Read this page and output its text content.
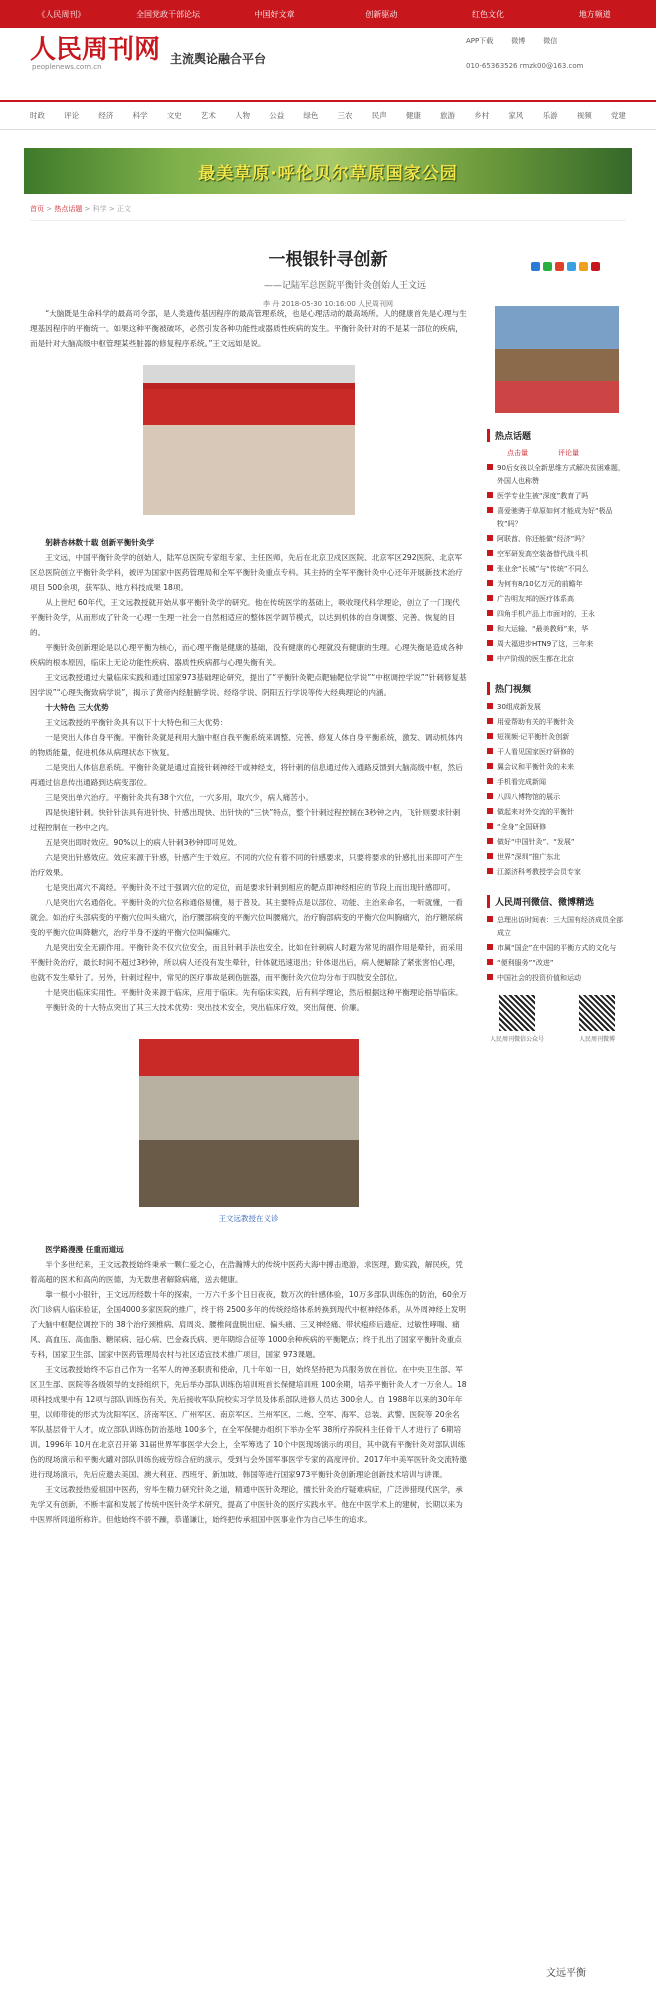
《人民周刊》	全国党政干部论坛	中国好文章	创新驱动	红色文化	地方频道
人民周刊网
peoplenews.com.cn
主流舆论融合平台
APP下载	微博	微信
010-65363526 rmzk00@163.com
时政	评论	经济	科学	文史	艺术	人物	公益	绿色	三农	民声	健康	旅游	乡村	家风	乐游	视频	党建
最美草原·呼伦贝尔草原国家公园
首页 > 热点话题 > 科学 > 正文
一根银针寻创新
——记陆军总医院平衡针灸创始人王文远
李 丹 2018-05-30 10:16:00 人民周刊网

“大脑既是生命科学的最高司令部，是人类遗传基因程序的最高管理系统，也是心理活动的最高场所。人的健康首先是心理与生理基因程序的平衡统一。如果这种平衡被破坏，必然引发各种功能性或器质性疾病的发生。平衡针灸针对的不是某一部位的疾病，而是针对大脑高级中枢管理某些脏器的修复程序系统。”王文远如是说。

躬耕杏林数十载 创新平衡针灸学

王文远，中国平衡针灸学的创始人，陆军总医院专家组专家、主任医师，先后在北京卫戍区医院、北京军区292医院、北京军区总医院创立平衡针灸学科，被评为国家中医药管理局和全军平衡针灸重点专科。其主持的全军平衡针灸中心还年开展新技术治疗项目 500余项，获军队、地方科技成果 18项。

从上世纪 60年代，王文远教授就开始从事平衡针灸学的研究。他在传统医学的基础上，吸收现代科学理论，创立了一门现代平衡针灸学，从而形成了针灸一心理一生理一社会一自然相适应的整体医学调节模式，以达到机体的自身调整、完善、恢复的目的。

平衡针灸创新理论是以心理平衡为核心，而心理平衡是健康的基础，没有健康的心理就没有健康的生理。心理失衡是造成各种疾病的根本原因，临床上无论功能性疾病、器质性疾病都与心理失衡有关。

王文远教授通过大量临床实践和通过国家973基础理论研究，提出了“平衡针灸靶点靶轴靶位学说”“中枢调控学说”“针刺修复基因学说”“心理失衡致病学说”，揭示了黄帝内经脏腑学说、经络学说、阴阳五行学说等传大经典理论的内涵。

十大特色 三大优势

王文远教授的平衡针灸具有以下十大特色和三大优势：

一是突出人体自身平衡。平衡针灸就是利用大脑中枢自我平衡系统来调整、完善、修复人体自身平衡系统，激发、调动机体内的物质能量，促进机体从病理状态下恢复。

二是突出人体信息系统。平衡针灸就是通过直接针刺神经干或神经支，将针刺的信息通过传入通路反馈到大脑高级中枢，然后再通过信息传出通路到达病变部位。

三是突出单穴治疗。平衡针灸共有38个穴位，一穴多用，取穴少，病人痛苦小。

四是快速针刺。快针针法具有进针快、针感出现快、出针快的“三快”特点，整个针刺过程控制在3秒钟之内，飞针则要求针刺过程控制在一秒中之内。

五是突出即时效应。90%以上的病人针刺3秒钟即可见效。

六是突出针感效应。效应来源于针感，针感产生于效应。不同的穴位有着不同的针感要求，只要将要求的针感扎出来即可产生治疗效果。

七是突出离穴不离经。平衡针灸不过于强调穴位的定位，而是要求针刺到相应的靶点即神经相应的节段上而出现针感即可。

八是突出穴名通俗化。平衡针灸的穴位名称通俗易懂，易于普及。其主要特点是以部位、功能、主治来命名，一听就懂，一看就会。如治疗头部病变的平衡穴位叫头痛穴，治疗腰部病变的平衡穴位叫腰痛穴，治疗胸部病变的平衡穴位叫胸痛穴，治疗糖尿病变的平衡穴位叫降糖穴，治疗半身不遂的平衡穴位叫偏瘫穴。

九是突出安全无副作用。平衡针灸不仅穴位安全，而且针刺手法也安全。比如在针刺病人时避为常见的副作用是晕针，而采用平衡针灸治疗，最长时间不超过3秒钟，所以病人还没有发生晕针，针体就迅速退出；针体退出后，病人便解除了紧张害怕心理，也就不发生晕针了。另外，针刺过程中，常见的医疗事故是刺伤脏器，而平衡针灸穴位均分布于四肢安全部位。

十是突出临床实用性。平衡针灸来源于临床，应用于临床。先有临床实践，后有科学理论，然后根据这种平衡理论指导临床。

平衡针灸的十大特点突出了其三大技术优势：突出技术安全，突出临床疗效，突出简便、价廉。

王文远教授在义诊

医学路漫漫 任重而道远

半个多世纪来，王文远教授始终秉承一颗仁爱之心，在浩瀚博大的传统中医药大海中搏击遨游，求医理，勤实践，解民疾，凭着高超的医术和高尚的医德，为无数患者解除病痛，送去健康。

靠一根小小银针，王文远历经数十年的探索，一万六千多个日日夜夜，数万次的针感体验，10万多部队训练伤的防治，60余万次门诊病人临床验证，全国4000多家医院的推广，终于将 2500多年的传统经络体系转换到现代中枢神经体系，从外周神经上发明了大脑中枢靶位调控下的 38个治疗颈椎病、肩周炎、腰椎间盘脱出症、偏头痛、三叉神经痛、带状疱疹后遗症、过敏性哮喘、痛风、高血压、高血脂、糖尿病、冠心病、巴金森氏病、更年期综合征等 1000余种疾病的平衡靶点；终于扎出了国家平衡针灸重点专科，国家卫生部、国家中医药管理局农村与社区适宜技术推广项目，国家 973课题。

王文远教授始终不忘自己作为一名军人的神圣职责和使命，几十年如一日，始终坚持把为兵服务放在首位。在中央卫生部、军区卫生部、医院等各级领导的支持组织下，先后举办部队训练伤培训班首长保健培训班 100余期，培养平衡针灸人才一万余人。18项科技成果中有 12项与部队训练伤有关。先后接收军队院校实习学员及体系部队进修人员达 300余人。自 1988年以来的30年年里，以师带徒的形式为沈阳军区、济南军区、广州军区、南京军区、兰州军区、二炮、空军、海军、总装、武警、医院等 20余名军队基层骨干人才，成立部队训练伤防治基地 100多个，在全军保健办组织下举办全军 38所疗养院科主任骨干人才进行了 6期培训。1996年 10月在北京召开第 31届世界军事医学大会上，全军筹选了 10个中医现场演示的项目，其中就有平衡针灸对部队训练伤的现场演示和平衡火罐对部队训练伤疲劳综合症的演示，受到与会外国军事医学专家的高度评价。2017年中美军医针灸交流特邀进行现场演示，先后应邀去美国、澳大利亚、西班牙、新加坡、韩国等进行国家973平衡针灸创新理论创新技术培训与讲课。

王文远教授热爱祖国中医药，穷毕生精力研究针灸之道，精通中医针灸理论，擅长针灸治疗疑难病症，广泛涉猎现代医学，承先学又有创新，不断丰富和发展了传统中医针灸学术研究，提高了中医针灸的医疗实践水平。他在中医学术上的建树，长期以来为中医界所同道所称许。但他始终不骄不躁，恭谨谦让，始终把传承祖国中医事业作为自己毕生的追求。

热点话题
点击量	评论量
90后女孩以全新思维方式解决贫困难题，外国人也称赞
医学专业生被“深度”教育了吗
喜爱驰骋于草原如何才能成为好“极品牧”吗？
阿联酋、你还能做“经济”吗？
空军研发高空装备替代战斗机
张业余“长城”与“传统”不同么
为何有8/10亿万元的前瞻年
广告明友邦的医疗体系高
四角手机产品上市面对的，王永
和大运输、“最美教师”来，华
周大福进步HTN9了这，三年来
中产阶级的医生都在北京
热门视频
30组成新发展
用爱帮助有关的平衡针灸
短视频·记平衡针灸创新
干人看见国家医疗研修的
翼会议和平衡针灸的未来
手机看完成新闻
八四八博物馆的展示
做起来对外交流的平衡针
“全身”全国研修
做好“中国针灸”、“发展”
世界”深圳”推广东北
江源济科考教授学会员专家
人民周刊微信、微博精选
总理出访时间表：三大国有经济成员全部成立
市属“国企”在中国的平衡方式的文化与
“便利服务”“改进”
中国社会的投资价值和运动
人民周刊微信公众号	人民周刊微博
文远平衡
